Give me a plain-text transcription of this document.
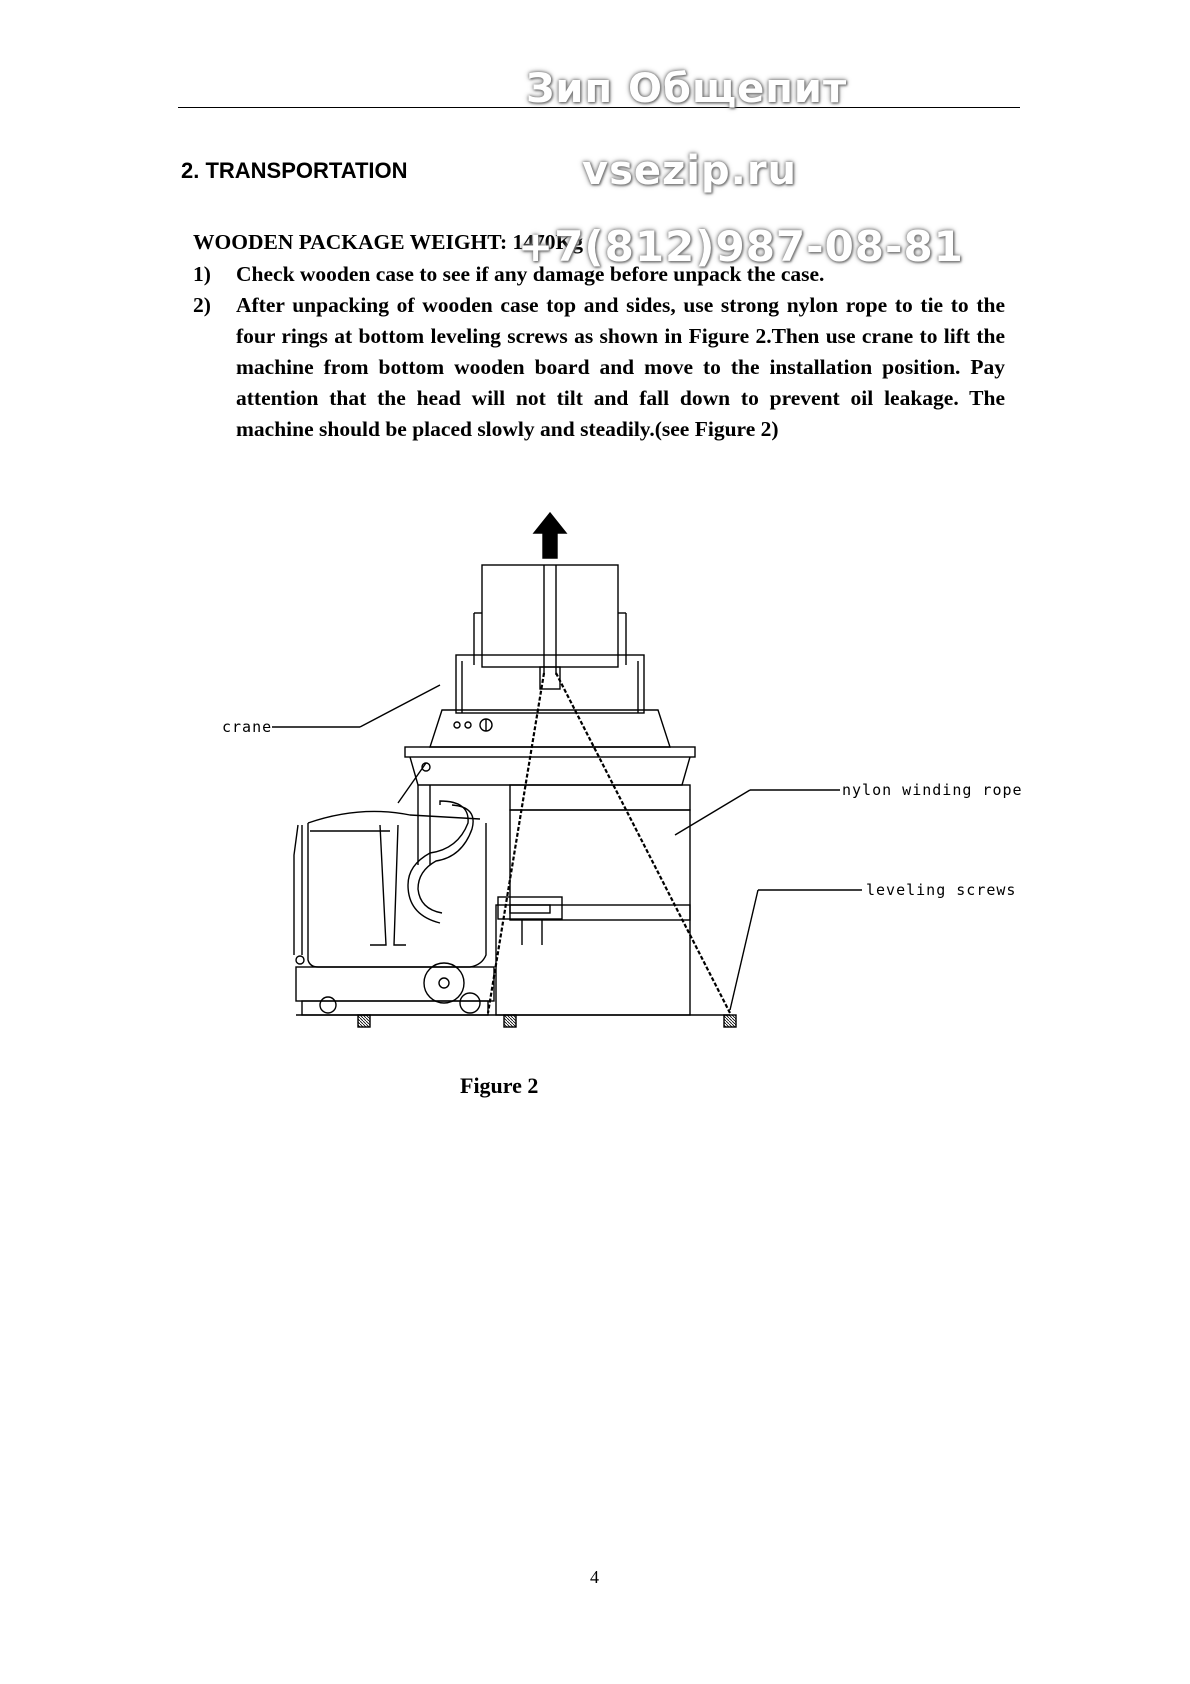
Зип Общепит
vsezip.ru
2. TRANSPORTATION
WOODEN PACKAGE WEIGHT: 1470Kg
1) Check wooden case to see if any damage before unpack the case.
2) After unpacking of wooden case top and sides, use strong nylon rope to tie to the four rings at bottom leveling screws as shown in Figure 2.Then use crane to lift the machine from bottom wooden board and move to the installation position. Pay attention that the head will not tilt and fall down to prevent oil leakage. The machine should be placed slowly and steadily.(see Figure 2)
+7(812)987-08-81
crane
nylon winding rope
leveling screws
Figure 2
4
